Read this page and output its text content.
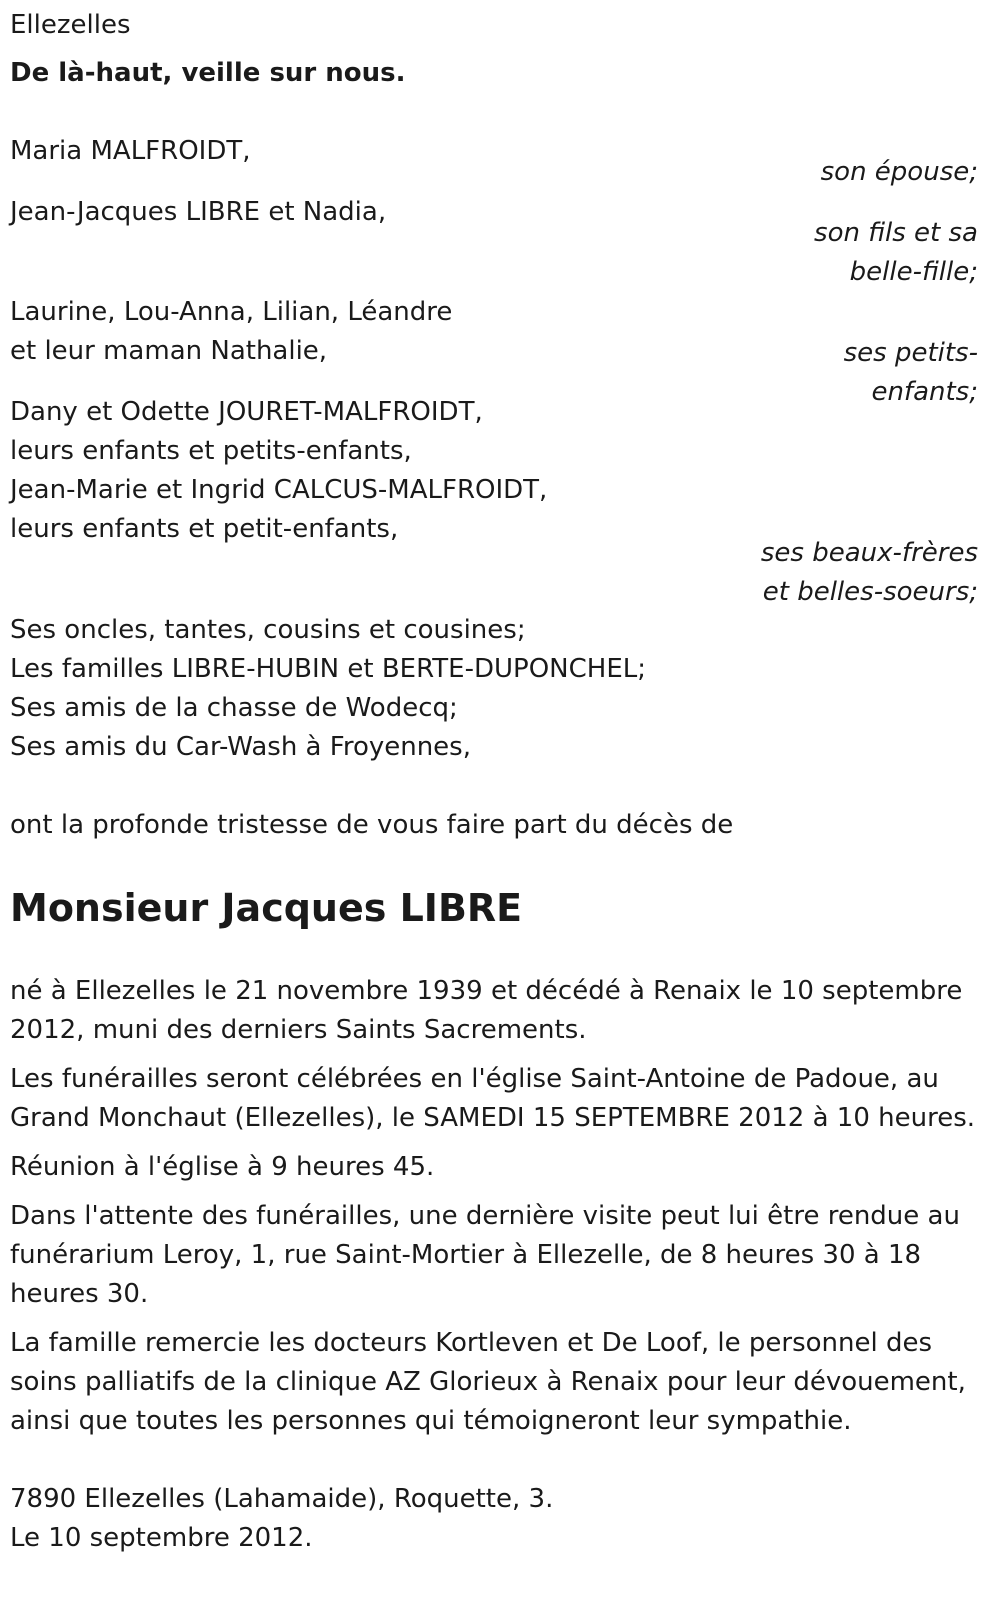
Ellezelles
De là-haut, veille sur nous.
Maria MALFROIDT,
son épouse;
Jean-Jacques LIBRE et Nadia,
son fils et sa belle-fille;
Laurine, Lou-Anna, Lilian, Léandre
et leur maman Nathalie,	ses petits-enfants;
Dany et Odette JOURET-MALFROIDT,
leurs enfants et petits-enfants,
Jean-Marie et Ingrid CALCUS-MALFROIDT,
leurs enfants et petit-enfants,
ses beaux-frères et belles-soeurs;
Ses oncles, tantes, cousins et cousines;
Les familles LIBRE-HUBIN et BERTE-DUPONCHEL;
Ses amis de la chasse de Wodecq;
Ses amis du Car-Wash à Froyennes,
ont la profonde tristesse de vous faire part du décès de
Monsieur Jacques LIBRE
né à Ellezelles le 21 novembre 1939 et décédé à Renaix le 10 septembre 2012, muni des derniers Saints Sacrements.
Les funérailles seront célébrées en l'église Saint-Antoine de Padoue, au Grand Monchaut (Ellezelles), le SAMEDI 15 SEPTEMBRE 2012 à 10 heures.
Réunion à l'église à 9 heures 45.
Dans l'attente des funérailles, une dernière visite peut lui être rendue au funérarium Leroy, 1, rue Saint-Mortier à Ellezelle, de 8 heures 30 à 18 heures 30.
La famille remercie les docteurs Kortleven et De Loof, le personnel des soins palliatifs de la clinique AZ Glorieux à Renaix pour leur dévouement, ainsi que toutes les personnes qui témoigneront leur sympathie.
7890 Ellezelles (Lahamaide), Roquette, 3.
Le 10 septembre 2012.
